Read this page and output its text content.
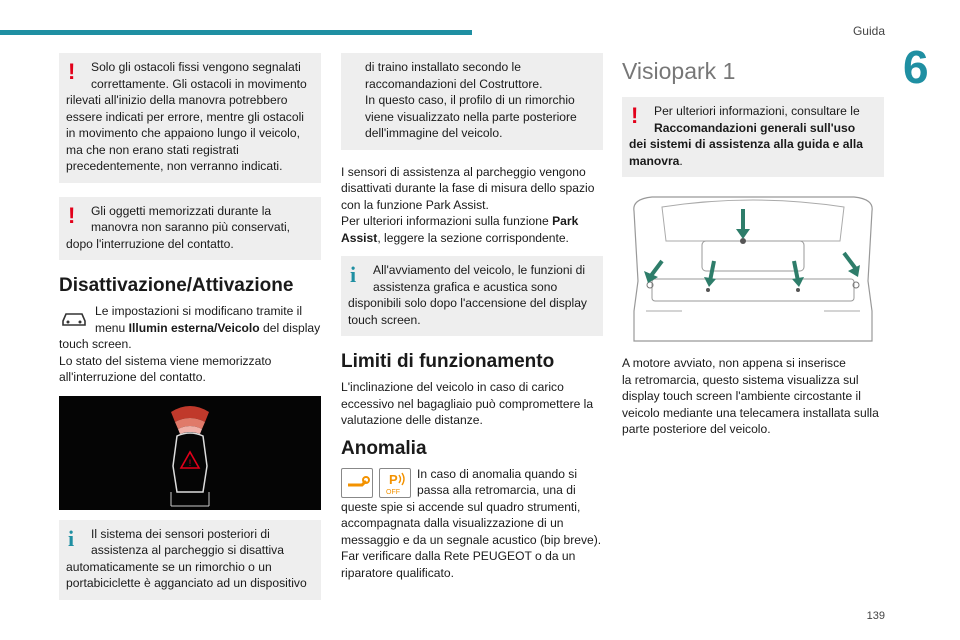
Guida
6
139
!	Solo gli ostacoli fissi vengono segnalati
correttamente. Gli ostacoli in movimento
rilevati all'inizio della manovra potrebbero
essere indicati per errore, mentre gli ostacoli
in movimento che appaiono lungo il veicolo,
ma che non erano stati registrati
precedentemente, non verranno indicati.
!	Gli oggetti memorizzati durante la
manovra non saranno più conservati,
dopo l'interruzione del contatto.
Disattivazione/Attivazione
Le impostazioni si modificano tramite il
menu Illumin esterna/Veicolo del display
touch screen.
Lo stato del sistema viene memorizzato
all'interruzione del contatto.
!
i	Il sistema dei sensori posteriori di
assistenza al parcheggio si disattiva
automaticamente se un rimorchio o un
portabiciclette è agganciato ad un dispositivo
di traino installato secondo le
raccomandazioni del Costruttore.
In questo caso, il profilo di un rimorchio
viene visualizzato nella parte posteriore
dell'immagine del veicolo.
I sensori di assistenza al parcheggio vengono
disattivati durante la fase di misura dello spazio
con la funzione Park Assist.
Per ulteriori informazioni sulla funzione Park
Assist, leggere la sezione corrispondente.
i	All'avviamento del veicolo, le funzioni di
assistenza grafica e acustica sono
disponibili solo dopo l'accensione del display
touch screen.
Limiti di funzionamento
L'inclinazione del veicolo in caso di carico
eccessivo nel bagagliaio può compromettere la
valutazione delle distanze.
Anomalia
P
OFF
In caso di anomalia quando si
passa alla retromarcia, una di
queste spie si accende sul quadro strumenti,
accompagnata dalla visualizzazione di un
messaggio e da un segnale acustico (bip breve).
Far verificare dalla Rete PEUGEOT o da un
riparatore qualificato.
Visiopark 1
!	Per ulteriori informazioni, consultare le
Raccomandazioni generali sull'uso
dei sistemi di assistenza alla guida e alla
manovra.
A motore avviato, non appena si inserisce
la retromarcia, questo sistema visualizza sul
display touch screen l'ambiente circostante il
veicolo mediante una telecamera installata sulla
parte posteriore del veicolo.
